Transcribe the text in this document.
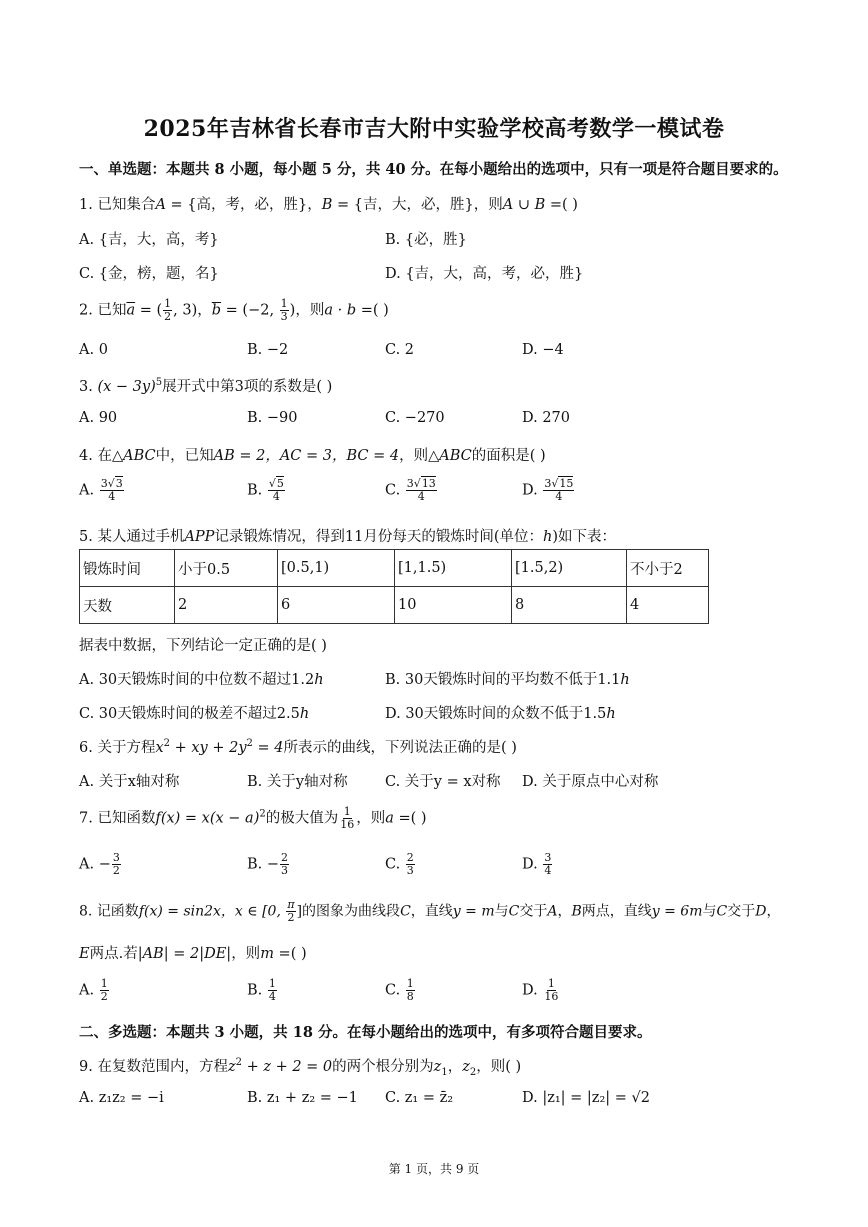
2025年吉林省长春市吉大附中实验学校高考数学一模试卷
一、单选题：本题共 8 小题，每小题 5 分，共 40 分。在每小题给出的选项中，只有一项是符合题目要求的。
1. 已知集合A = {高，考，必，胜}，B = {吉，大，必，胜}，则A ∪ B =( )
A. {吉，大，高，考}	B. {必，胜}
C. {金，榜，题，名}	D. {吉，大，高，考，必，胜}
2. 已知$\overline{a}$ = ( $\frac{1}{2}$ , 3)，$\overline{b} = (-2$, $\frac{1}{3}$ )，则a · b =( )
A. 0	B. −2	C. 2	D. −4
3. $(x - 3y)^5$展开式中第3项的系数是( )
A. 90	B. −90	C. −270	D. 270
4. 在△ABC中，已知AB = 2，AC = 3，BC = 4，则△ABC的面积是( )
A. $\frac{3√3}{4}$	B. $\frac{√5}{4}$	C. $\frac{3√13}{4}$	D. $\frac{3√15}{4}$
5. 某人通过手机APP记录锻炼情况，得到11月份每天的锻炼时间(单位：h)如下表：
锻炼时间	小于0.5	[0.5,1)	[1,1.5)	[1.5,2)	不小于2
天数	2	6	10	8	4
据表中数据，下列结论一定正确的是( )
A. 30天锻炼时间的中位数不超过1.2h	B. 30天锻炼时间的平均数不低于1.1h
C. 30天锻炼时间的极差不超过2.5h	D. 30天锻炼时间的众数不低于1.5h
6. 关于方程$x^2$ + xy + $2y^2 = 4$所表示的曲线，下列说法正确的是( )
A. 关于x轴对称	B. 关于y轴对称	C. 关于y = x对称 D. 关于原点中心对称
7. 已知函数$f(x) = x(x - a)^2$的极大值为 $\frac{1}{16}$ ，则a =( )
A. − $\frac{3}{2}$	B. − $\frac{2}{3}$	C. $\frac{2}{3}$	D. $\frac{3}{4}$
8. 记函数f(x) = sin2x，x ∈ [0, $\frac{\pi}{2}$ ]的图象为曲线段C，直线y = m与C交于A，B两点，直线y = 6m与C交于D，
E两点.若|AB| = 2|DE|，则m =( )
A. $\frac{1}{2}$	B. $\frac{1}{4}$	C. $\frac{1}{8}$	D. $\frac{1}{16}$
二、多选题：本题共 3 小题，共 18 分。在每小题给出的选项中，有多项符合题目要求。
9. 在复数范围内，方程$z^2 + z + 2 = 0$的两个根分别为$z_1$，$z_2$，则( )
A. z₁z₂ = −i	B. z₁ + z₂ = −1 C. z₁ = z̄₂	D. |z₁| = |z₂| = √2
第 1 页，共 9 页
